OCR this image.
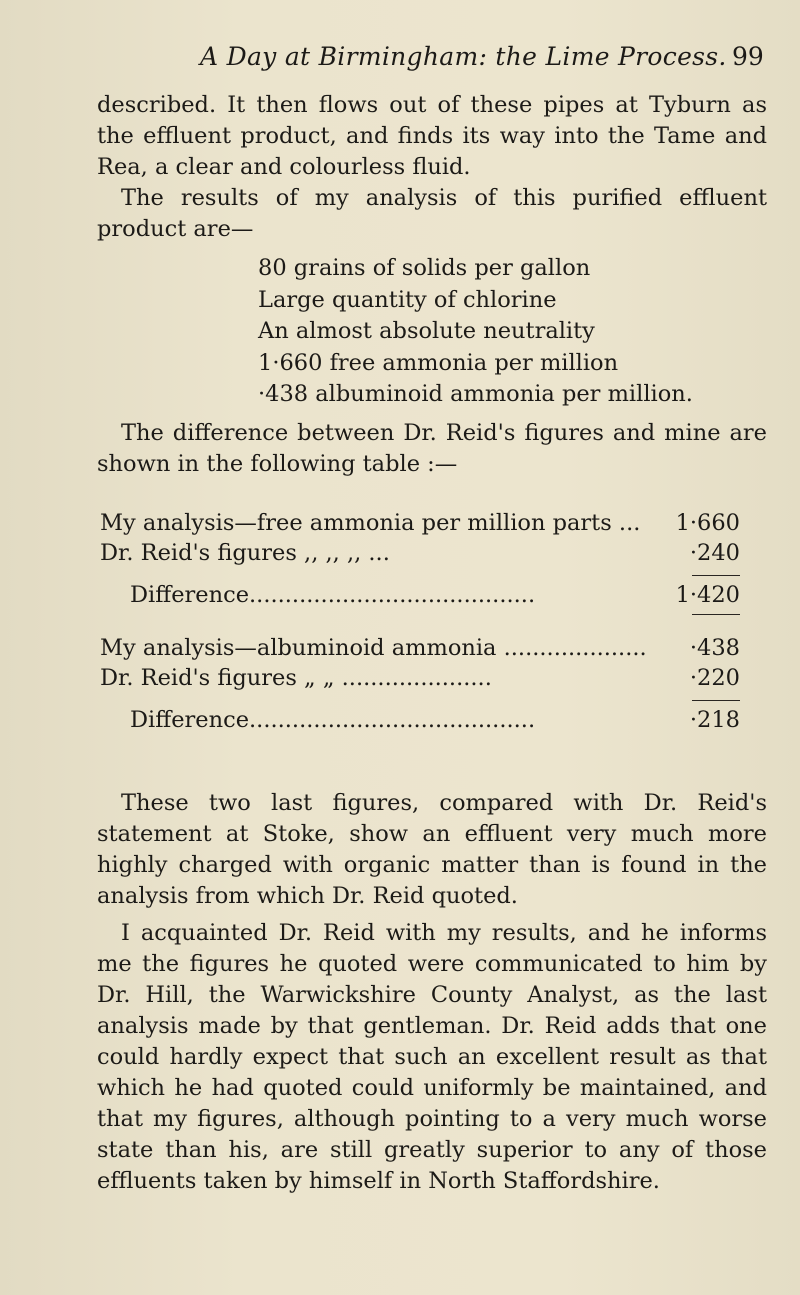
A Day at Birmingham: the Lime Process. 99

described. It then flows out of these pipes at Tyburn as the effluent product, and finds its way into the Tame and Rea, a clear and colourless fluid.

The results of my analysis of this purified effluent product are—

80 grains of solids per gallon
Large quantity of chlorine
An almost absolute neutrality
1·660 free ammonia per million
·438 albuminoid ammonia per million.

The difference between Dr. Reid's figures and mine are shown in the following table :—

My analysis—free ammonia per million parts ... 1·660
Dr. Reid's figures ,, ,, ,, ...	·240
Difference........................................	1·420
My analysis—albuminoid ammonia .................... ·438
Dr. Reid's figures „ „ .....................	·220
Difference........................................	·218

These two last figures, compared with Dr. Reid's statement at Stoke, show an effluent very much more highly charged with organic matter than is found in the analysis from which Dr. Reid quoted.

I acquainted Dr. Reid with my results, and he informs me the figures he quoted were communicated to him by Dr. Hill, the Warwickshire County Analyst, as the last analysis made by that gentleman. Dr. Reid adds that one could hardly expect that such an excellent result as that which he had quoted could uniformly be maintained, and that my figures, although pointing to a very much worse state than his, are still greatly superior to any of those effluents taken by himself in North Staffordshire.
